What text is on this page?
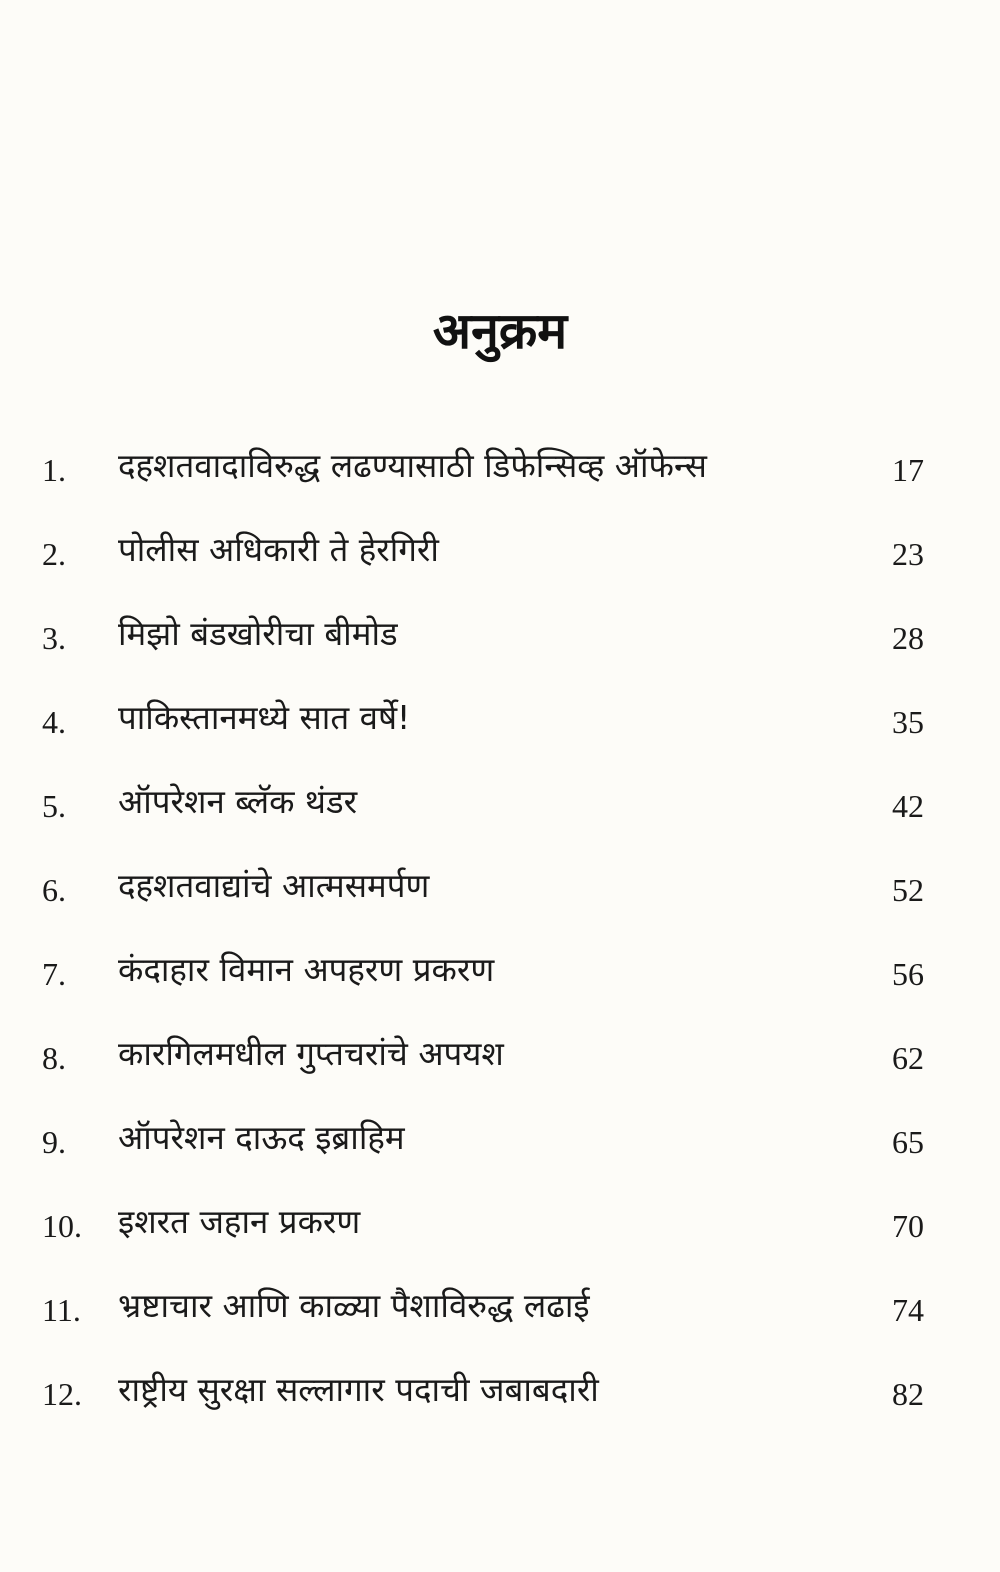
अनुक्रम
1. दहशतवादाविरुद्ध लढण्यासाठी डिफेन्सिव्ह ऑफेन्स	17
2. पोलीस अधिकारी ते हेरगिरी	23
3. मिझो बंडखोरीचा बीमोड	28
4. पाकिस्तानमध्ये सात वर्षे!	35
5. ऑपरेशन ब्लॅक थंडर	42
6. दहशतवाद्यांचे आत्मसमर्पण	52
7. कंदाहार विमान अपहरण प्रकरण	56
8. कारगिलमधील गुप्तचरांचे अपयश	62
9. ऑपरेशन दाऊद इब्राहिम	65
10. इशरत जहान प्रकरण	70
11. भ्रष्टाचार आणि काळ्या पैशाविरुद्ध लढाई	74
12. राष्ट्रीय सुरक्षा सल्लागार पदाची जबाबदारी	82
